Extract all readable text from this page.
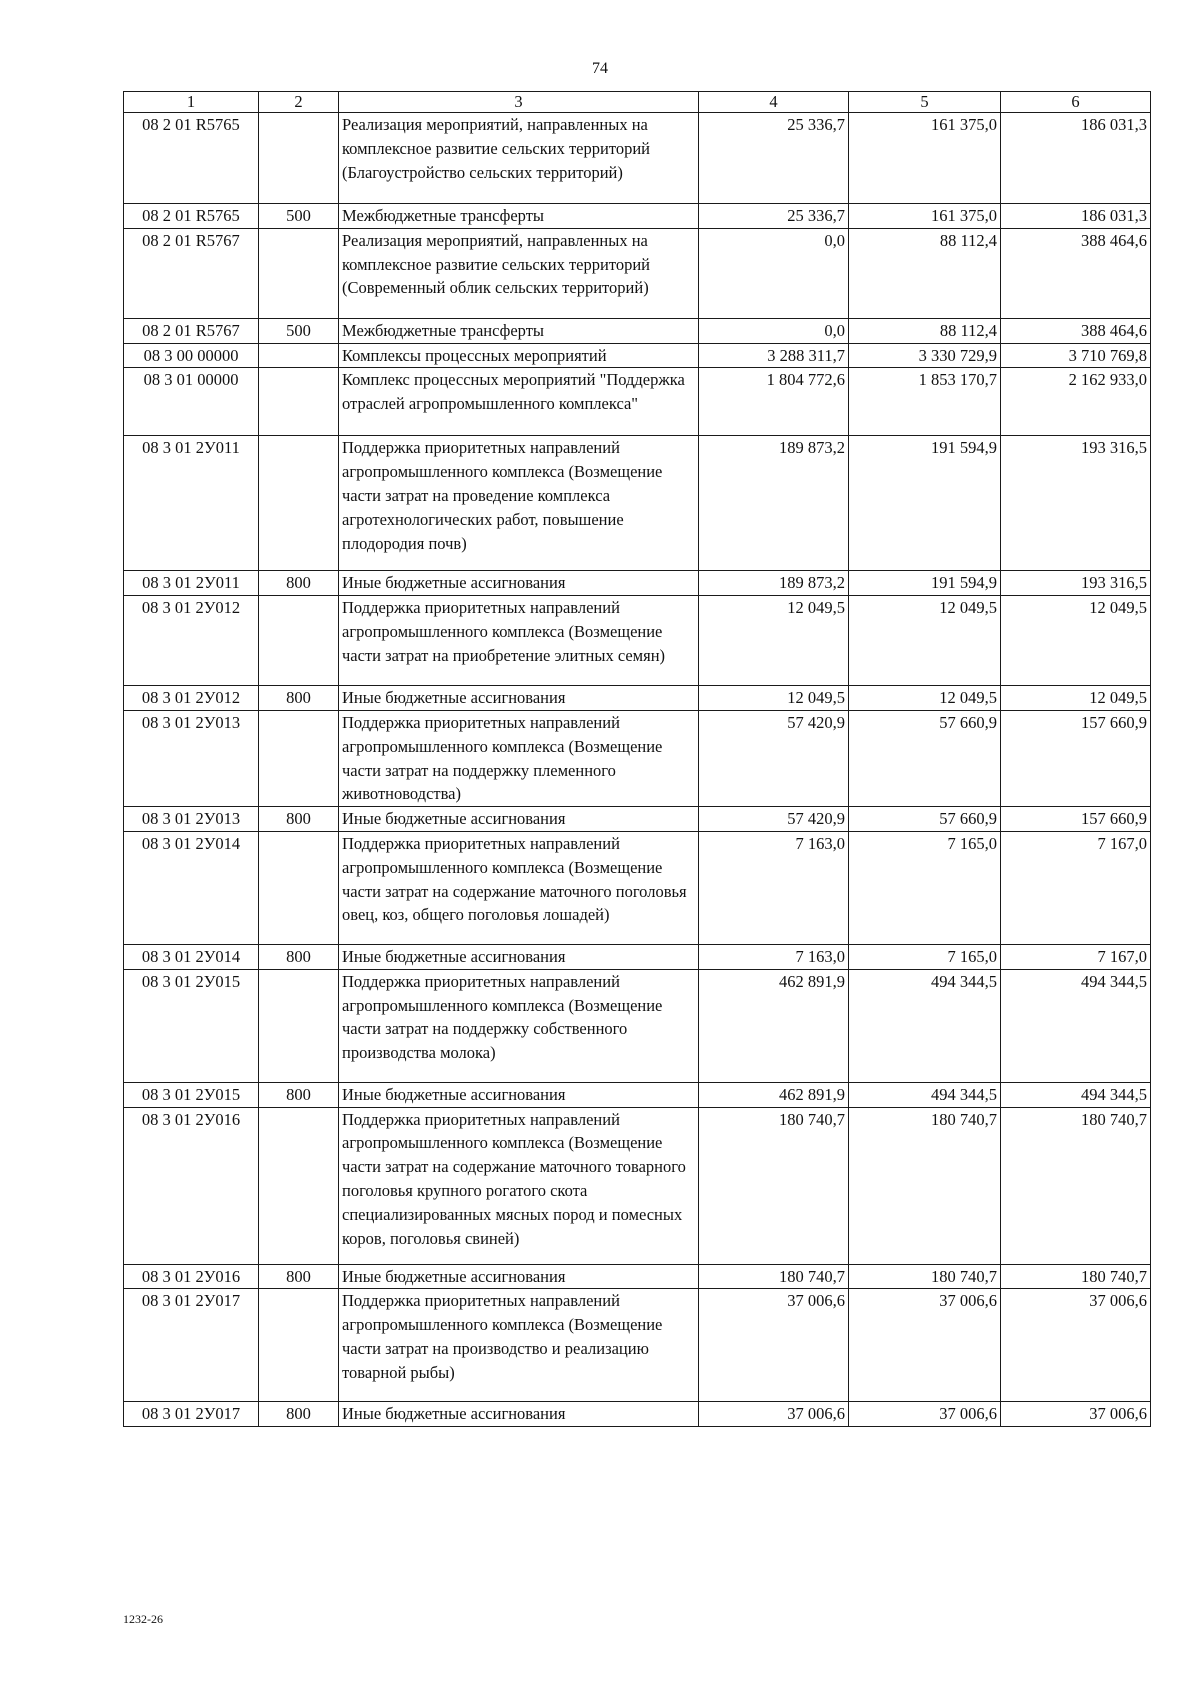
74
1	2	3	4	5	6
08 2 01 R5765		Реализация мероприятий, направленных на комплексное развитие сельских территорий (Благоустройство сельских территорий)	25 336,7	161 375,0	186 031,3
08 2 01 R5765	500	Межбюджетные трансферты	25 336,7	161 375,0	186 031,3
08 2 01 R5767		Реализация мероприятий, направленных на комплексное развитие сельских территорий (Современный облик сельских территорий)	0,0	88 112,4	388 464,6
08 2 01 R5767	500	Межбюджетные трансферты	0,0	88 112,4	388 464,6
08 3 00 00000		Комплексы процессных мероприятий	3 288 311,7	3 330 729,9	3 710 769,8
08 3 01 00000		Комплекс процессных мероприятий "Поддержка отраслей агропромышленного комплекса"	1 804 772,6	1 853 170,7	2 162 933,0
08 3 01 2У011		Поддержка приоритетных направлений агропромышленного комплекса (Возмещение части затрат на проведение комплекса агротехнологических работ, повышение плодородия почв)	189 873,2	191 594,9	193 316,5
08 3 01 2У011	800	Иные бюджетные ассигнования	189 873,2	191 594,9	193 316,5
08 3 01 2У012		Поддержка приоритетных направлений агропромышленного комплекса (Возмещение части затрат на приобретение элитных семян)	12 049,5	12 049,5	12 049,5
08 3 01 2У012	800	Иные бюджетные ассигнования	12 049,5	12 049,5	12 049,5
08 3 01 2У013		Поддержка приоритетных направлений агропромышленного комплекса (Возмещение части затрат на поддержку племенного животноводства)	57 420,9	57 660,9	157 660,9
08 3 01 2У013	800	Иные бюджетные ассигнования	57 420,9	57 660,9	157 660,9
08 3 01 2У014		Поддержка приоритетных направлений агропромышленного комплекса (Возмещение части затрат на содержание маточного поголовья овец, коз, общего поголовья лошадей)	7 163,0	7 165,0	7 167,0
08 3 01 2У014	800	Иные бюджетные ассигнования	7 163,0	7 165,0	7 167,0
08 3 01 2У015		Поддержка приоритетных направлений агропромышленного комплекса (Возмещение части затрат на поддержку собственного производства молока)	462 891,9	494 344,5	494 344,5
08 3 01 2У015	800	Иные бюджетные ассигнования	462 891,9	494 344,5	494 344,5
08 3 01 2У016		Поддержка приоритетных направлений агропромышленного комплекса (Возмещение части затрат на содержание маточного товарного поголовья крупного рогатого скота специализированных мясных пород и помесных коров, поголовья свиней)	180 740,7	180 740,7	180 740,7
08 3 01 2У016	800	Иные бюджетные ассигнования	180 740,7	180 740,7	180 740,7
08 3 01 2У017		Поддержка приоритетных направлений агропромышленного комплекса (Возмещение части затрат на производство и реализацию товарной рыбы)	37 006,6	37 006,6	37 006,6
08 3 01 2У017	800	Иные бюджетные ассигнования	37 006,6	37 006,6	37 006,6
1232-26
